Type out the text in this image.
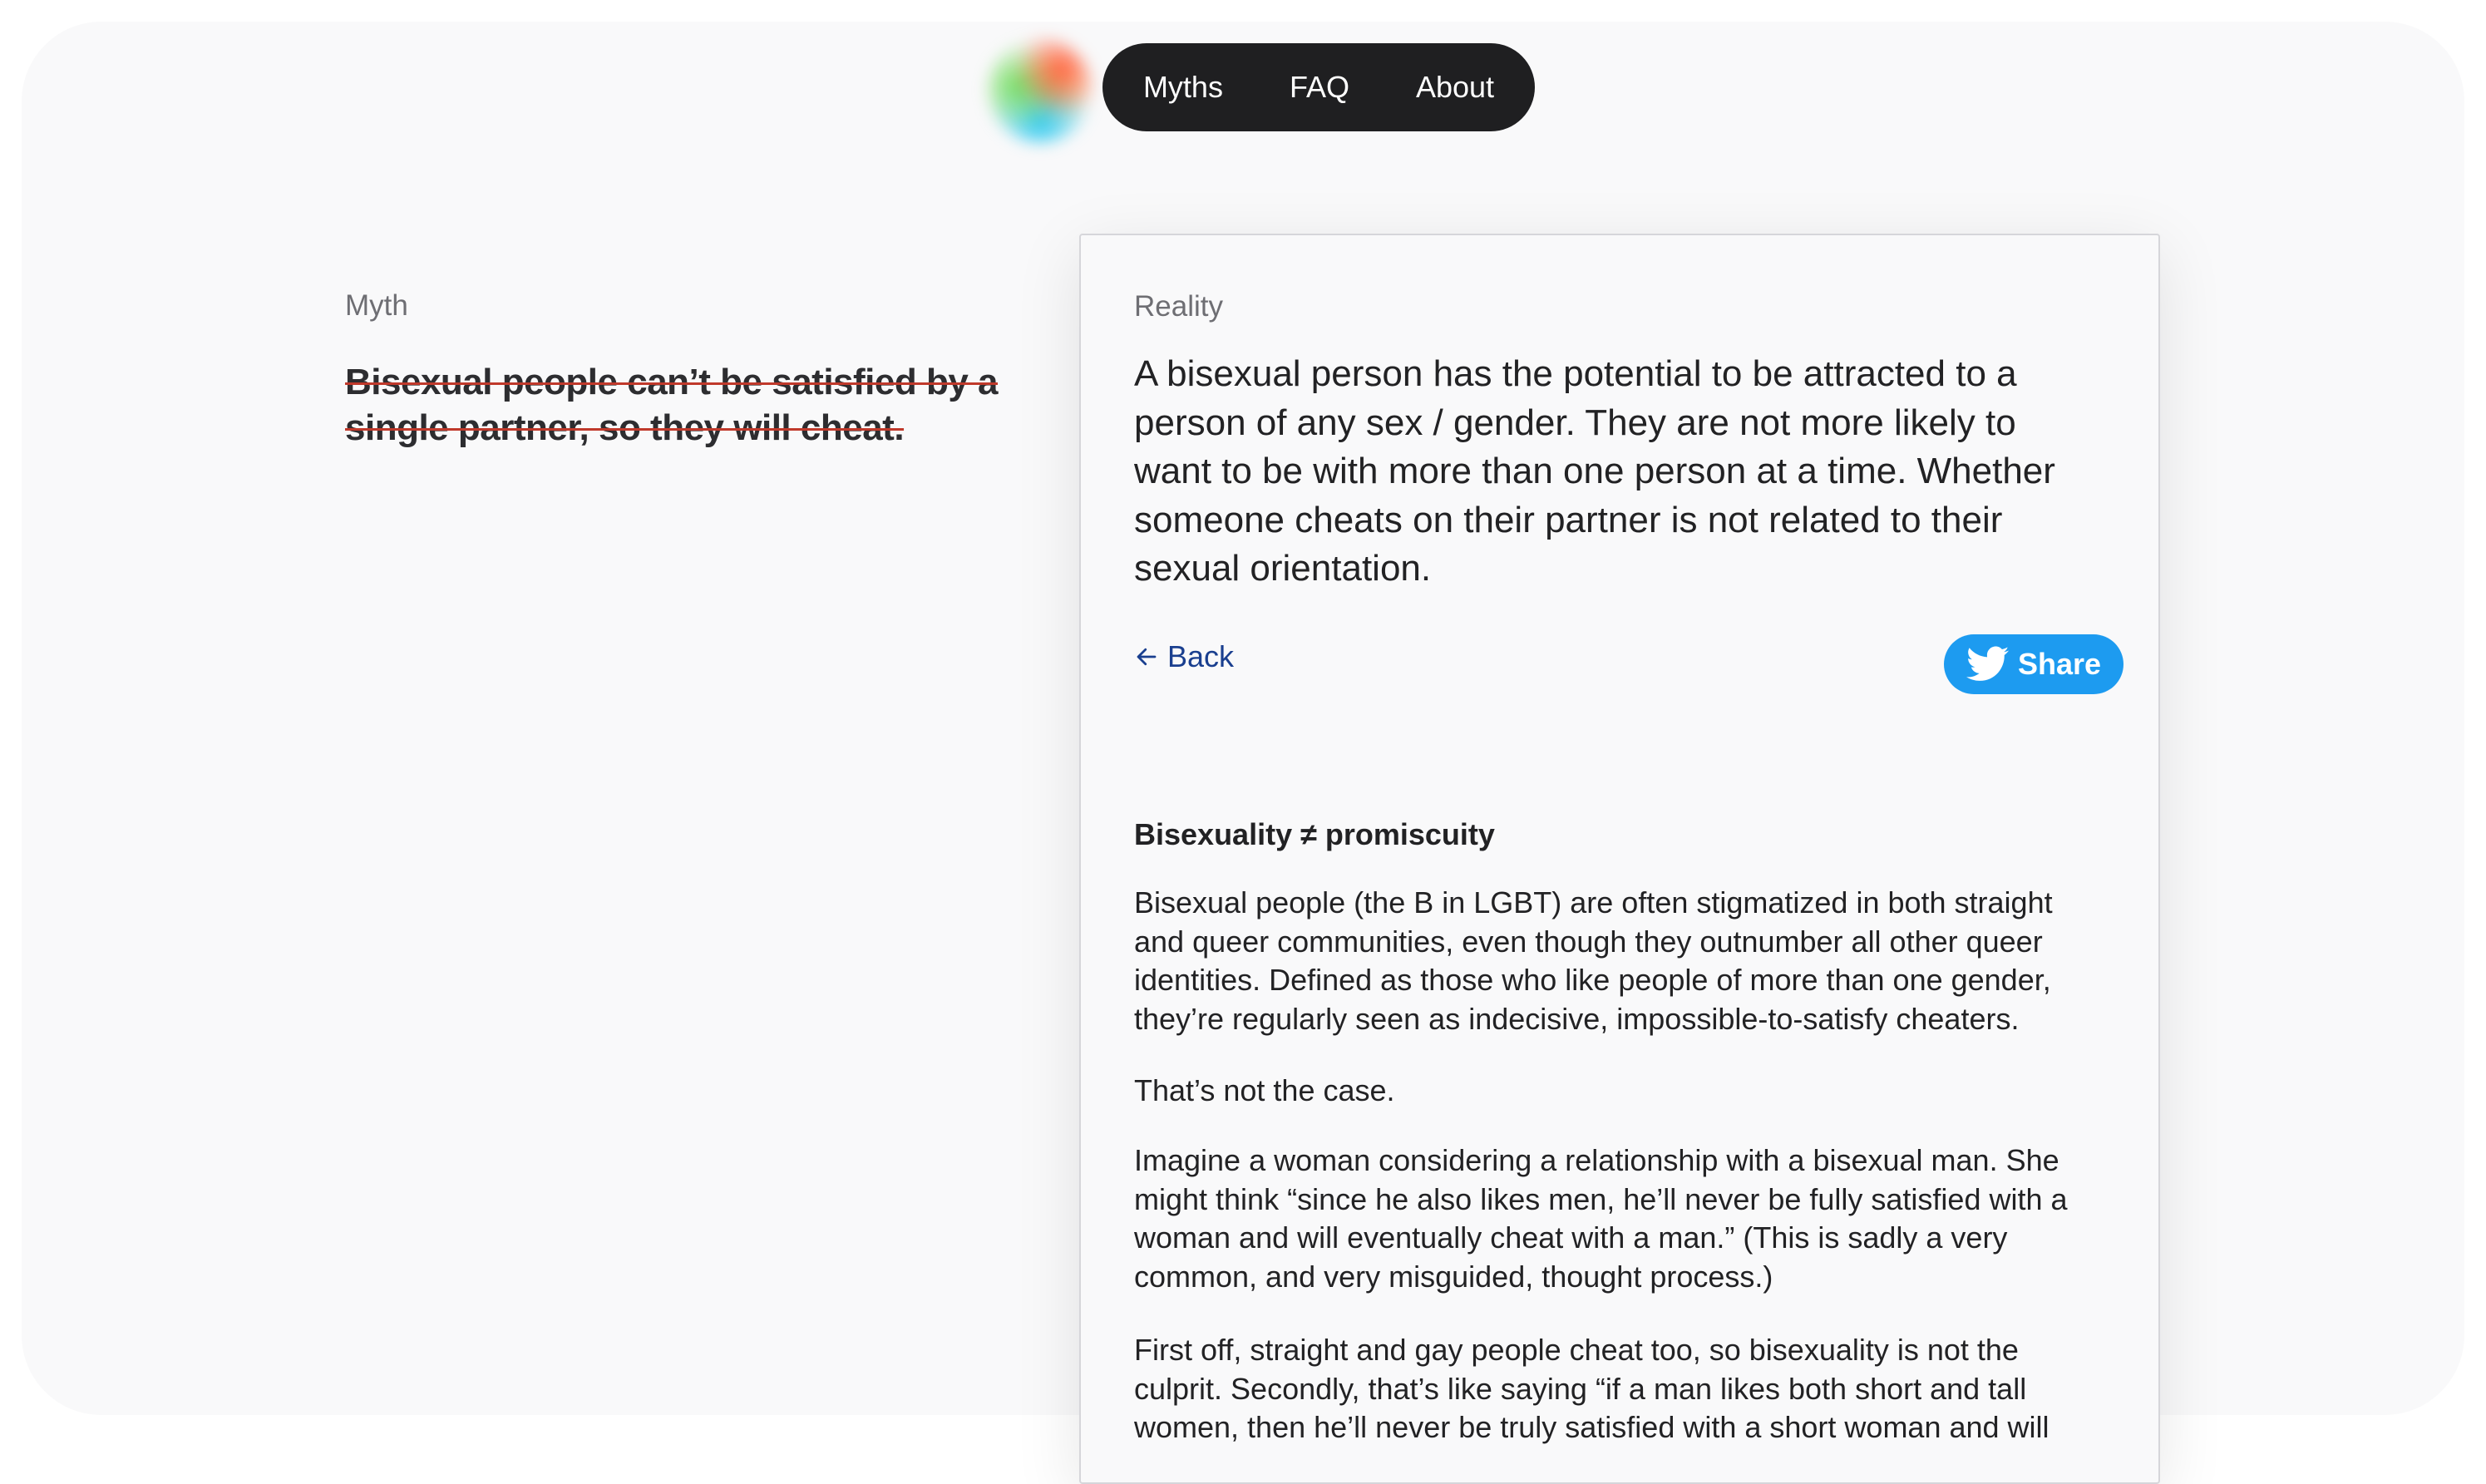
Myths FAQ About
Myth
Bisexual people can’t be satisfied by a single partner, so they will cheat.
Reality
A bisexual person has the potential to be attracted to a person of any sex / gender. They are not more likely to want to be with more than one person at a time. Whether someone cheats on their partner is not related to their sexual orientation.
Back	Share
Bisexuality ≠ promiscuity

Bisexual people (the B in LGBT) are often stigmatized in both straight and queer communities, even though they outnumber all other queer identities. Defined as those who like people of more than one gender, they’re regularly seen as indecisive, impossible-to-satisfy cheaters.

That’s not the case.

Imagine a woman considering a relationship with a bisexual man. She might think “since he also likes men, he’ll never be fully satisfied with a woman and will eventually cheat with a man.” (This is sadly a very common, and very misguided, thought process.)

First off, straight and gay people cheat too, so bisexuality is not the culprit. Secondly, that’s like saying “if a man likes both short and tall women, then he’ll never be truly satisfied with a short woman and will
